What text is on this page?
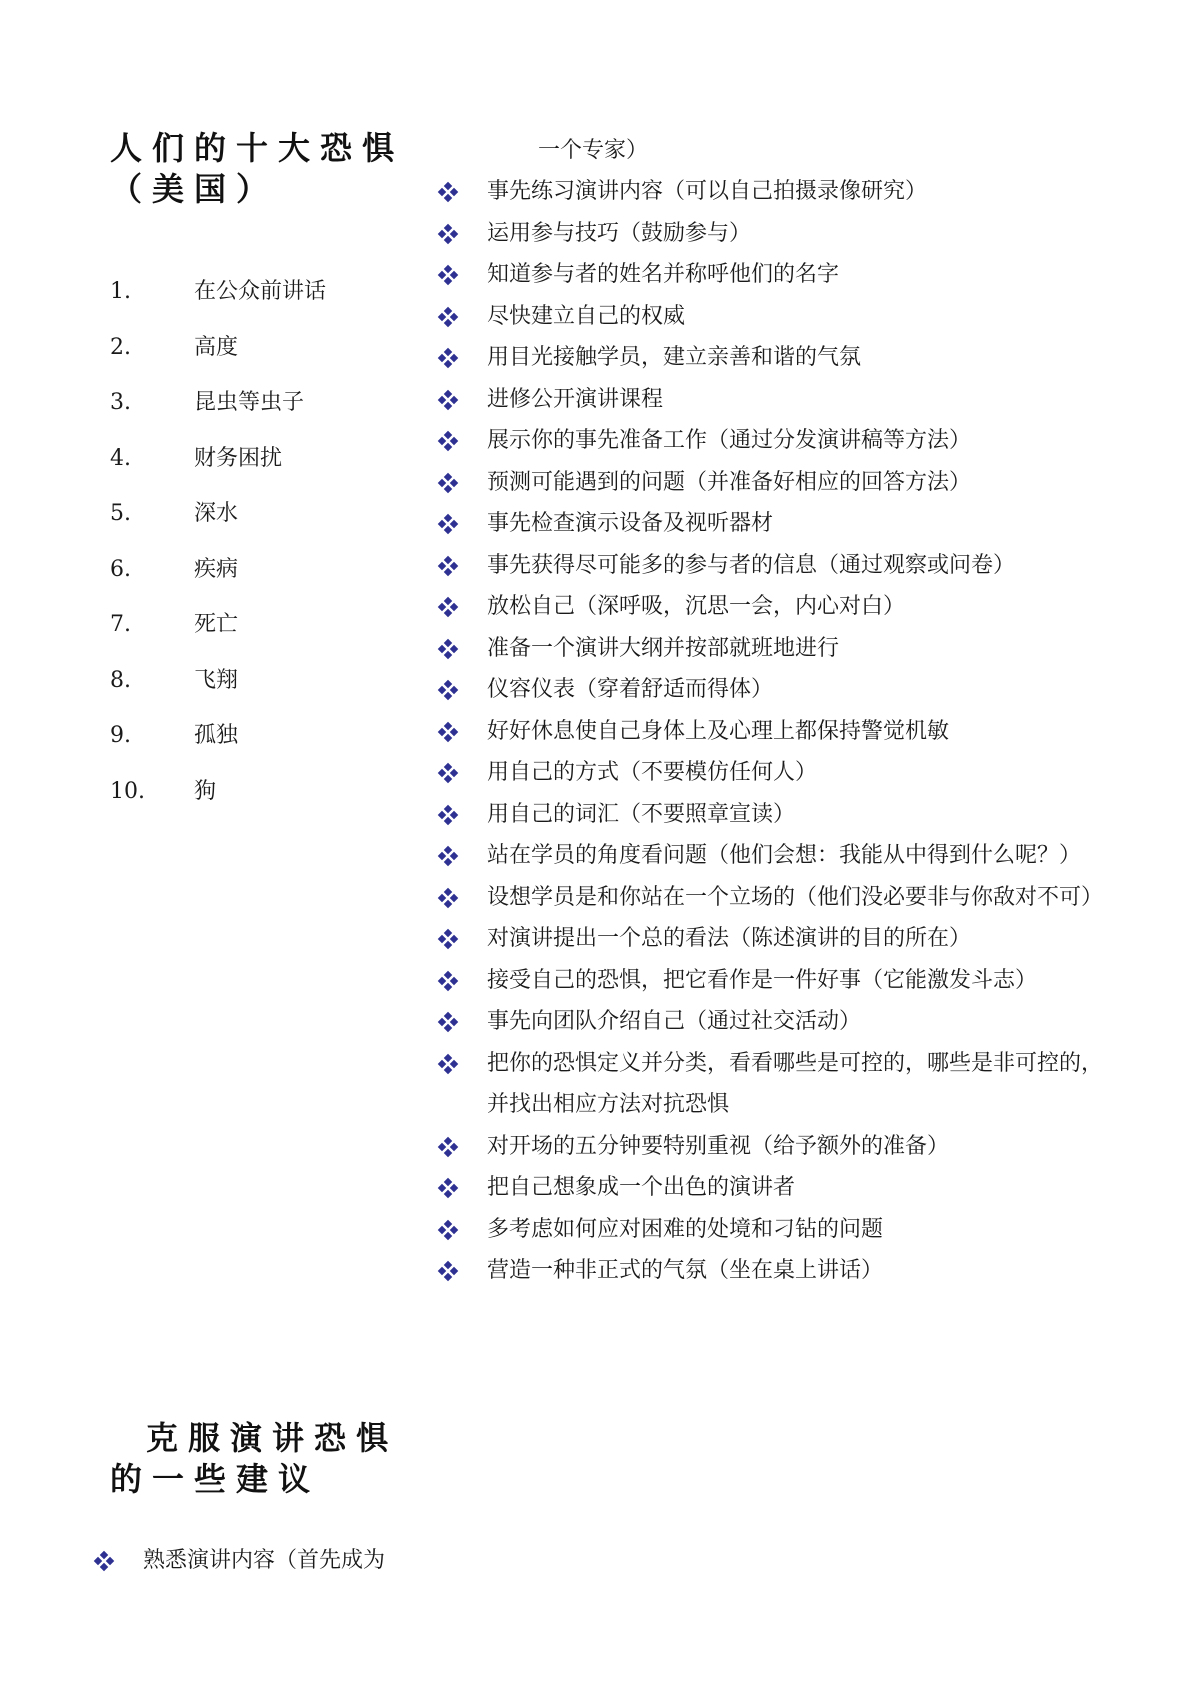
人们的十大恐惧
（美国）
1.	在公众前讲话
2.	高度
3.	昆虫等虫子
4.	财务困扰
5.	深水
6.	疾病
7.	死亡
8.	飞翔
9.	孤独
10.	狗
克服演讲恐惧
的一些建议
熟悉演讲内容（首先成为

一个专家）

事先练习演讲内容（可以自己拍摄录像研究）
运用参与技巧（鼓励参与）
知道参与者的姓名并称呼他们的名字
尽快建立自己的权威
用目光接触学员，建立亲善和谐的气氛
进修公开演讲课程
展示你的事先准备工作（通过分发演讲稿等方法）
预测可能遇到的问题（并准备好相应的回答方法）
事先检查演示设备及视听器材
事先获得尽可能多的参与者的信息（通过观察或问卷）
放松自己（深呼吸，沉思一会，内心对白）
准备一个演讲大纲并按部就班地进行
仪容仪表（穿着舒适而得体）
好好休息使自己身体上及心理上都保持警觉机敏
用自己的方式（不要模仿任何人）
用自己的词汇（不要照章宣读）
站在学员的角度看问题（他们会想：我能从中得到什么呢？）
设想学员是和你站在一个立场的（他们没必要非与你敌对不可）
对演讲提出一个总的看法（陈述演讲的目的所在）
接受自己的恐惧，把它看作是一件好事（它能激发斗志）
事先向团队介绍自己（通过社交活动）
把你的恐惧定义并分类，看看哪些是可控的，哪些是非可控的，并找出相应方法对抗恐惧
对开场的五分钟要特别重视（给予额外的准备）
把自己想象成一个出色的演讲者
多考虑如何应对困难的处境和刁钻的问题
营造一种非正式的气氛（坐在桌上讲话）
